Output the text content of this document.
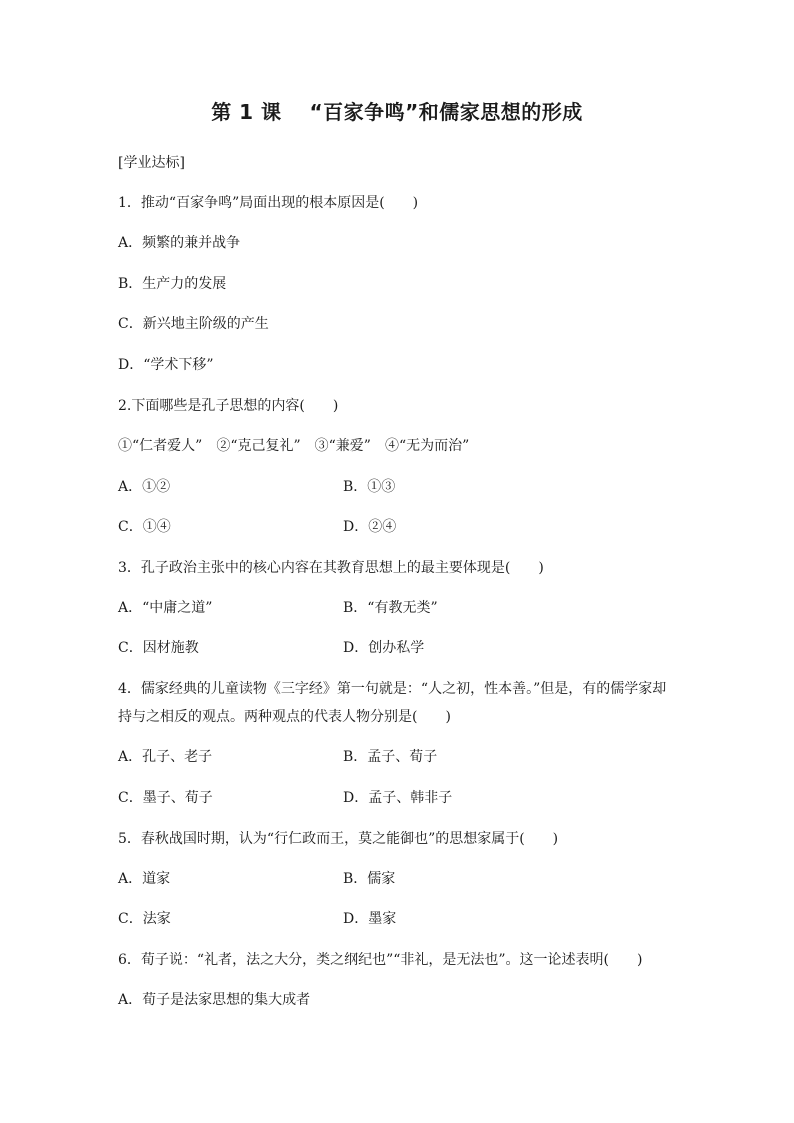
第 1 课　 “百家争鸣”和儒家思想的形成
[学业达标]
1．推动“百家争鸣”局面出现的根本原因是(　　)
A．频繁的兼并战争
B．生产力的发展
C．新兴地主阶级的产生
D．“学术下移”
2.下面哪些是孔子思想的内容(　　)
①“仁者爱人”　②“克己复礼”　③“兼爱”　④“无为而治”
A．①②	B．①③
C．①④	D．②④
3．孔子政治主张中的核心内容在其教育思想上的最主要体现是(　　)
A．“中庸之道”	B．“有教无类”
C．因材施教	D．创办私学
4．儒家经典的儿童读物《三字经》第一句就是：“人之初，性本善。”但是，有的儒学家却
持与之相反的观点。两种观点的代表人物分别是(　　)
A．孔子、老子	B．孟子、荀子
C．墨子、荀子	D．孟子、韩非子
5．春秋战国时期，认为“行仁政而王，莫之能御也”的思想家属于(　　)
A．道家	B．儒家
C．法家	D．墨家
6．荀子说：“礼者，法之大分，类之纲纪也”“非礼，是无法也”。这一论述表明(　　)
A．荀子是法家思想的集大成者
